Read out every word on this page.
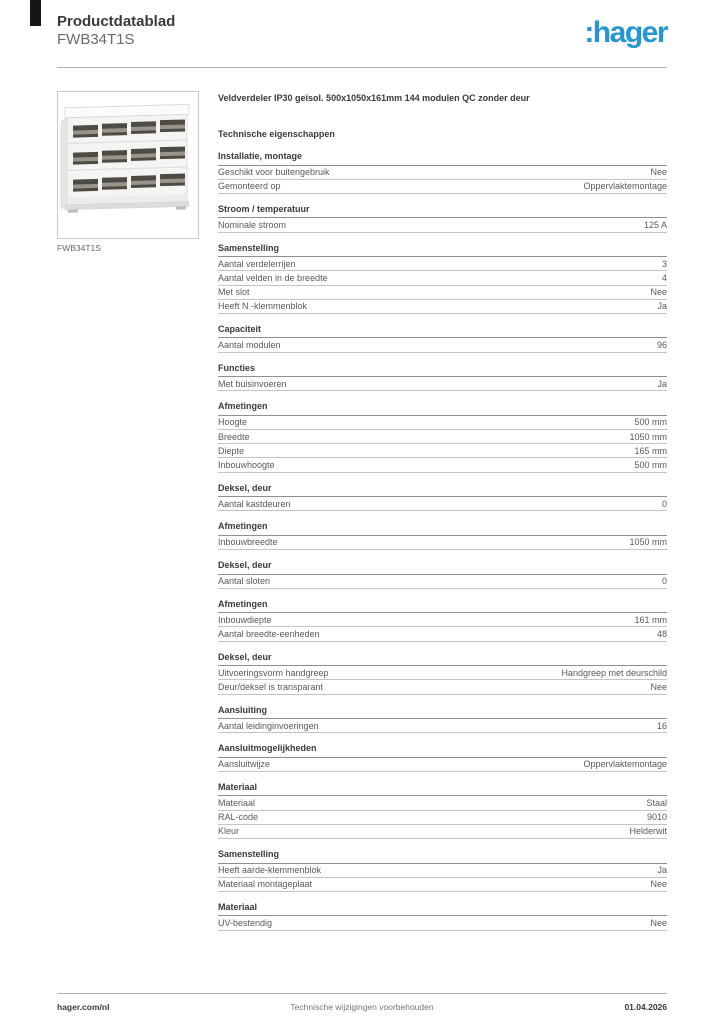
Productdatablad
FWB34T1S	:hager
FWB34T1S
Veldverdeler IP30 geïsol. 500x1050x161mm 144 modulen QC zonder deur
Technische eigenschappen
Installatie, montage
Geschikt voor buitengebruik	Nee
Gemonteerd op	Oppervlaktemontage
Stroom / temperatuur
Nominale stroom	125 A
Samenstelling
Aantal verdelerrijen	3
Aantal velden in de breedte	4
Met slot	Nee
Heeft N -klemmenblok	Ja
Capaciteit
Aantal modulen	96
Functies
Met buisinvoeren	Ja
Afmetingen
Hoogte	500 mm
Breedte	1050 mm
Diepte	165 mm
Inbouwhoogte	500 mm
Deksel, deur
Aantal kastdeuren	0
Afmetingen
Inbouwbreedte	1050 mm
Deksel, deur
Aantal sloten	0
Afmetingen
Inbouwdiepte	161 mm
Aantal breedte-eenheden	48
Deksel, deur
Uitvoeringsvorm handgreep	Handgreep met deurschild
Deur/deksel is transparant	Nee
Aansluiting
Aantal leidinginvoeringen	16
Aansluitmogelijkheden
Aansluitwijze	Oppervlaktemontage
Materiaal
Materiaal	Staal
RAL-code	9010
Kleur	Helderwit
Samenstelling
Heeft aarde-klemmenblok	Ja
Materiaal montageplaat	Nee
Materiaal
UV-bestendig	Nee
hager.com/nl	Technische wijzigingen voorbehouden	01.04.2026
